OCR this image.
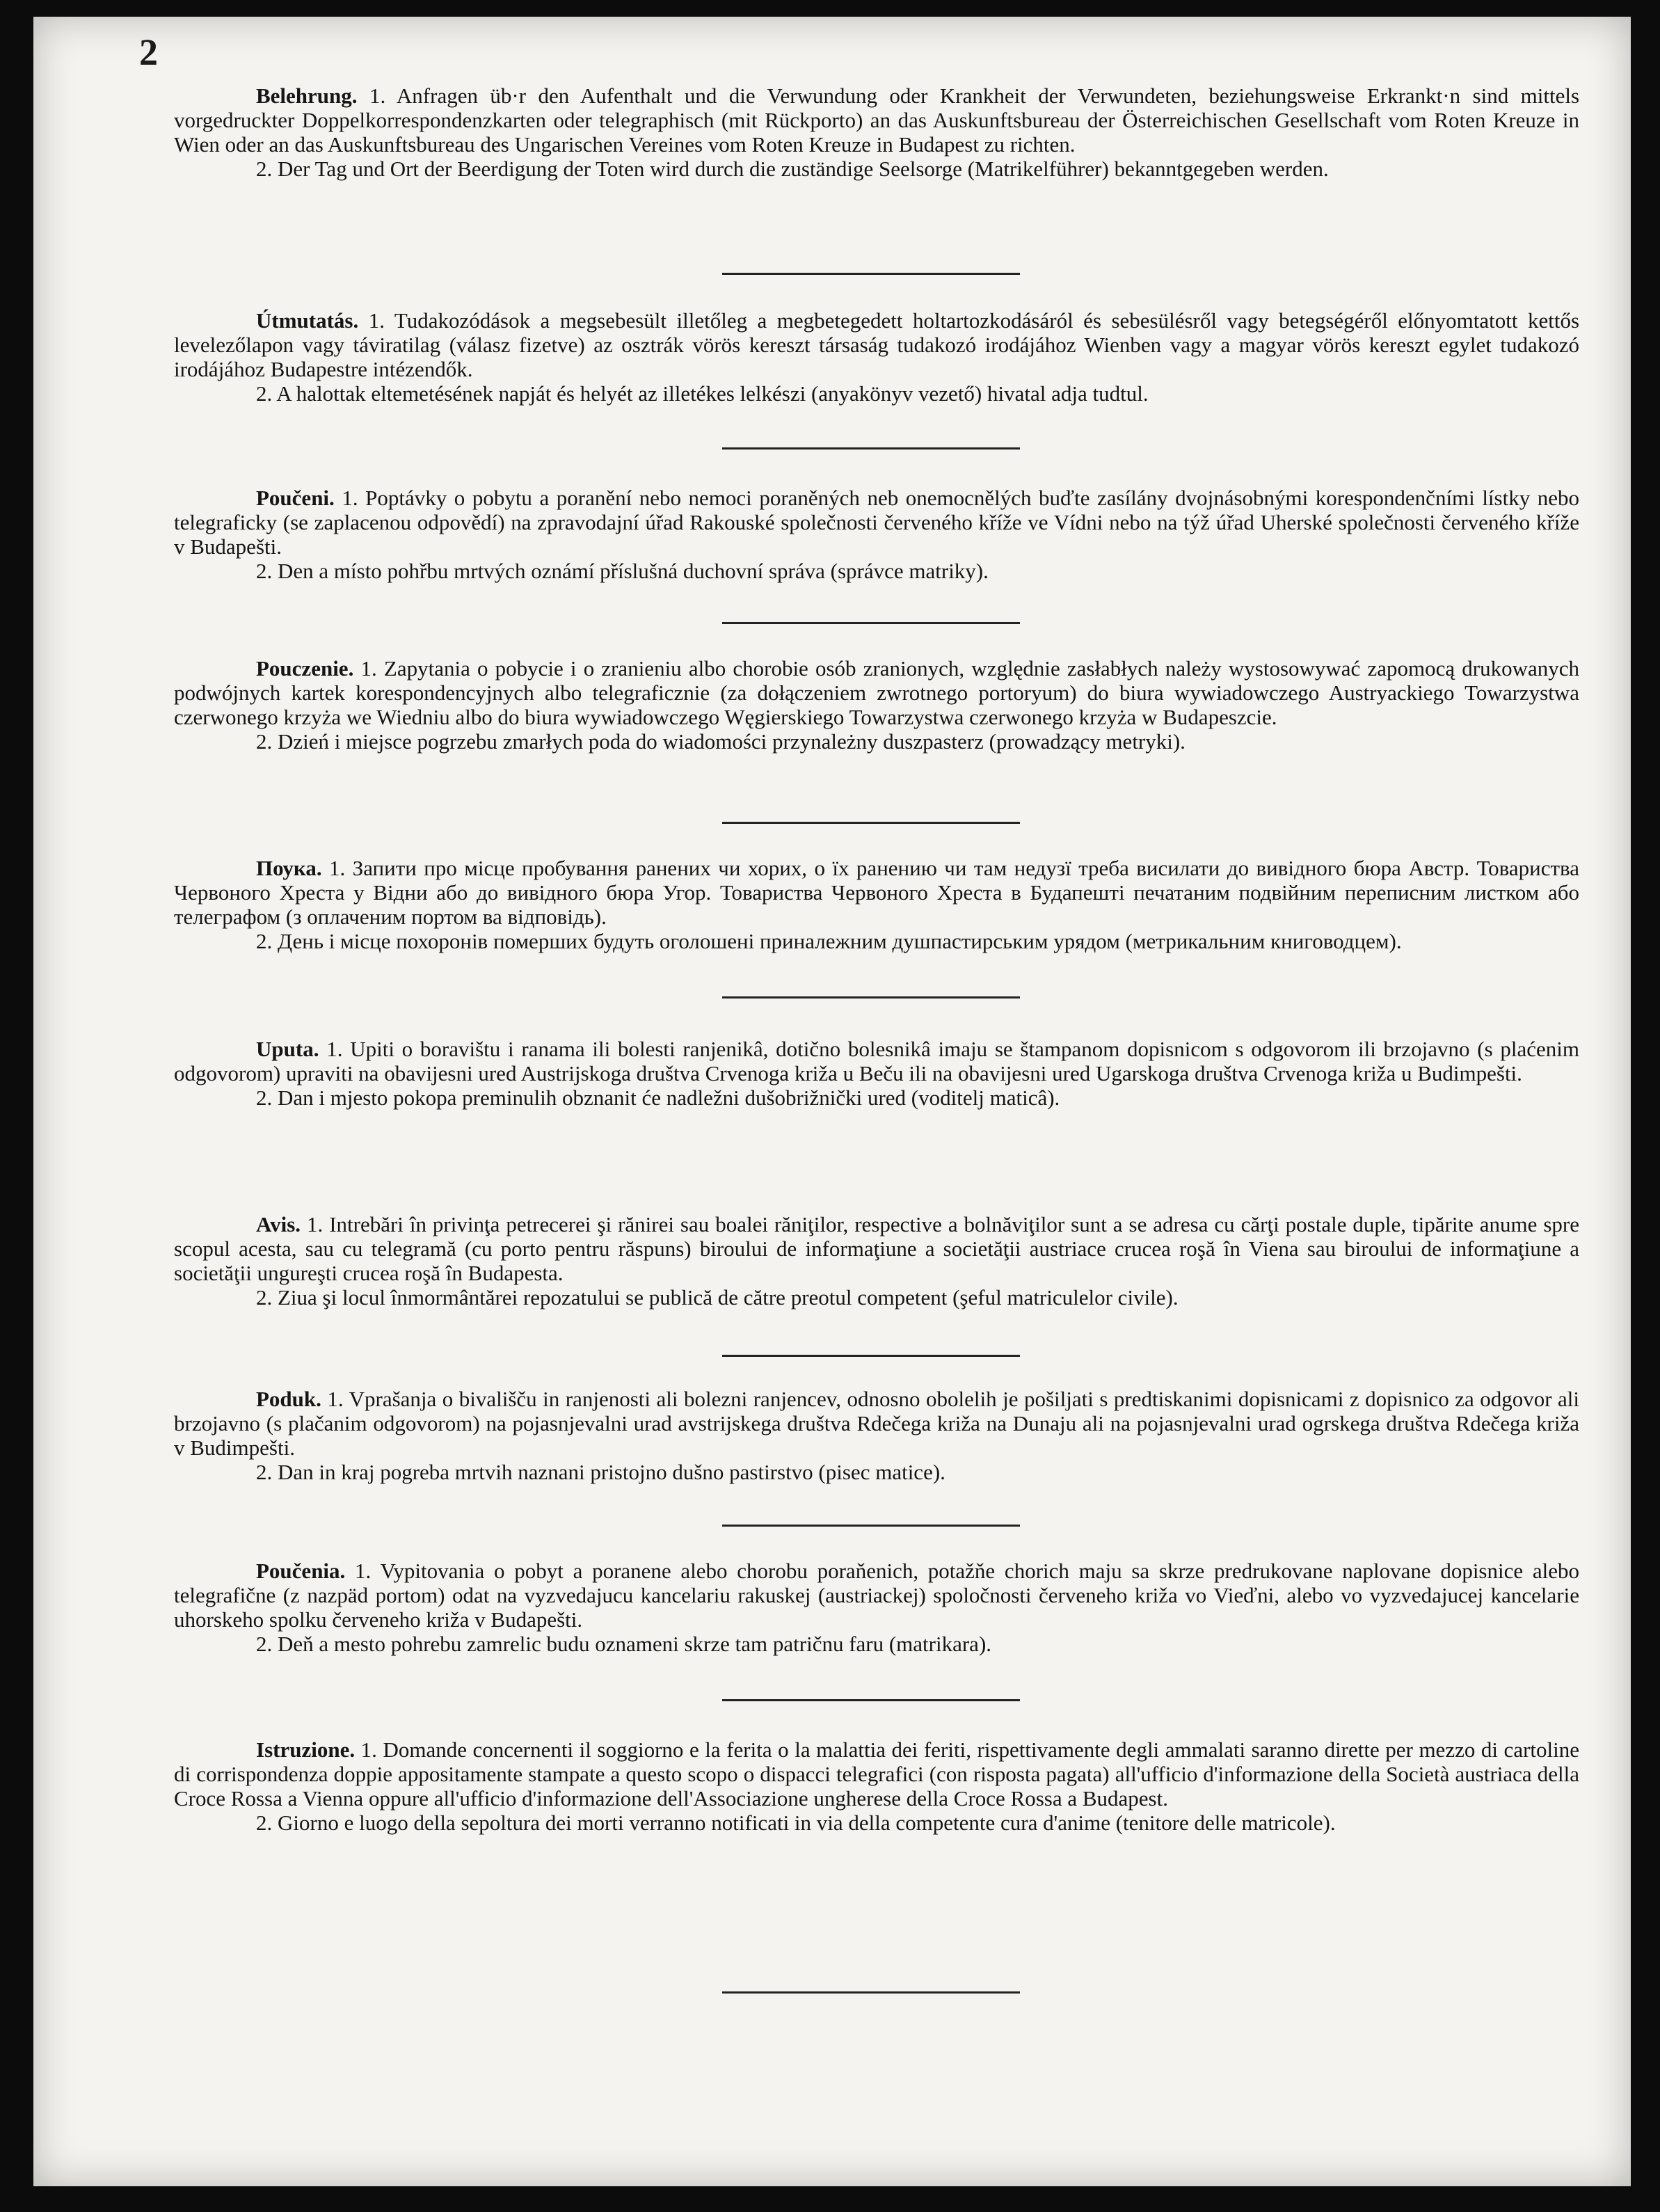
2

Belehrung. 1. Anfragen üb·r den Aufenthalt und die Verwundung oder Krankheit der Verwundeten, beziehungsweise Erkrankt·n sind mittels vorgedruckter Doppelkorrespondenzkarten oder telegraphisch (mit Rückporto) an das Auskunftsbureau der Österreichischen Gesellschaft vom Roten Kreuze in Wien oder an das Auskunftsbureau des Ungarischen Vereines vom Roten Kreuze in Budapest zu richten.

2. Der Tag und Ort der Beerdigung der Toten wird durch die zuständige Seelsorge (Matrikelführer) bekanntgegeben werden.

Útmutatás. 1. Tudakozódások a megsebesült illetőleg a megbetegedett holtartozkodásáról és sebesülésről vagy betegségéről előnyomtatott kettős levelezőlapon vagy táviratilag (válasz fizetve) az osztrák vörös kereszt társaság tudakozó irodájához Wienben vagy a magyar vörös kereszt egylet tudakozó irodájához Budapestre intézendők.

2. A halottak eltemetésének napját és helyét az illetékes lelkészi (anyakönyv vezető) hivatal adja tudtul.

Poučeni. 1. Poptávky o pobytu a poranění nebo nemoci poraněných neb onemocnělých buďte zasílány dvojnásobnými korespondenčními lístky nebo telegraficky (se zaplacenou odpovědí) na zpravodajní úřad Rakouské společnosti červeného kříže ve Vídni nebo na týž úřad Uherské společnosti červeného kříže v Budapešti.

2. Den a místo pohřbu mrtvých oznámí příslušná duchovní správa (správce matriky).

Pouczenie. 1. Zapytania o pobycie i o zranieniu albo chorobie osób zranionych, względnie zasłabłych należy wystosowywać zapomocą drukowanych podwójnych kartek korespondencyjnych albo telegraficznie (za dołączeniem zwrotnego portoryum) do biura wywiadowczego Austryackiego Towarzystwa czerwonego krzyża we Wiedniu albo do biura wywiadowczego Węgierskiego Towarzystwa czerwonego krzyża w Budapeszcie.

2. Dzień i miejsce pogrzebu zmarłych poda do wiadomości przynależny duszpasterz (prowadzący metryki).

Поука. 1. Запити про місце пробування ранених чи хорих, о їх ранению чи там недузї треба висилати до вивідного бюра Австр. Товариства Червоного Хреста у Відни або до вивідного бюра Угор. Товариства Червоного Хреста в Будапешті печатаним подвійним переписним листком або телеграфом (з оплаченим портом ва відповідь).

2. День і місце похоронів померших будуть оголошені приналежним душпастирським урядом (метрикальним книговодцем).

Uputa. 1. Upiti o boravištu i ranama ili bolesti ranjenikâ, dotično bolesnikâ imaju se štampanom dopisnicom s odgovorom ili brzojavno (s plaćenim odgovorom) upraviti na obavijesni ured Austrijskoga društva Crvenoga križa u Beču ili na obavijesni ured Ugarskoga društva Crvenoga križa u Budimpešti.

2. Dan i mjesto pokopa preminulih obznanit će nadležni dušobrižnički ured (voditelj maticâ).

Avis. 1. Intrebări în privinţa petrecerei şi rănirei sau boalei răniţilor, respective a bolnăviţilor sunt a se adresa cu cărţi postale duple, tipărite anume spre scopul acesta, sau cu telegramă (cu porto pentru răspuns) biroului de informaţiune a societăţii austriace crucea roşă în Viena sau biroului de informaţiune a societăţii ungureşti crucea roşă în Budapesta.

2. Ziua şi locul înmormântărei repozatului se publică de către preotul competent (şeful matriculelor civile).

Poduk. 1. Vprašanja o bivališču in ranjenosti ali bolezni ranjencev, odnosno obolelih je pošiljati s predtiskanimi dopisnicami z dopisnico za odgovor ali brzojavno (s plačanim odgovorom) na pojasnjevalni urad avstrijskega društva Rdečega križa na Dunaju ali na pojasnjevalni urad ogrskega društva Rdečega križa v Budimpešti.

2. Dan in kraj pogreba mrtvih naznani pristojno dušno pastirstvo (pisec matice).

Poučenia. 1. Vypitovania o pobyt a poranene alebo chorobu poraňenich, potažňe chorich maju sa skrze predrukovane naplovane dopisnice alebo telegrafične (z nazpäd portom) odat na vyzvedajucu kancelariu rakuskej (austriackej) spoločnosti červeneho križa vo Vieďni, alebo vo vyzvedajucej kancelarie uhorskeho spolku červeneho križa v Budapešti.

2. Deň a mesto pohrebu zamrelic budu oznameni skrze tam patričnu faru (matrikara).

Istruzione. 1. Domande concernenti il soggiorno e la ferita o la malattia dei feriti, rispettivamente degli ammalati saranno dirette per mezzo di cartoline di corrispondenza doppie appositamente stampate a questo scopo o dispacci telegrafici (con risposta pagata) all'ufficio d'informazione della Società austriaca della Croce Rossa a Vienna oppure all'ufficio d'informazione dell'Associazione ungherese della Croce Rossa a Budapest.

2. Giorno e luogo della sepoltura dei morti verranno notificati in via della competente cura d'anime (tenitore delle matricole).
